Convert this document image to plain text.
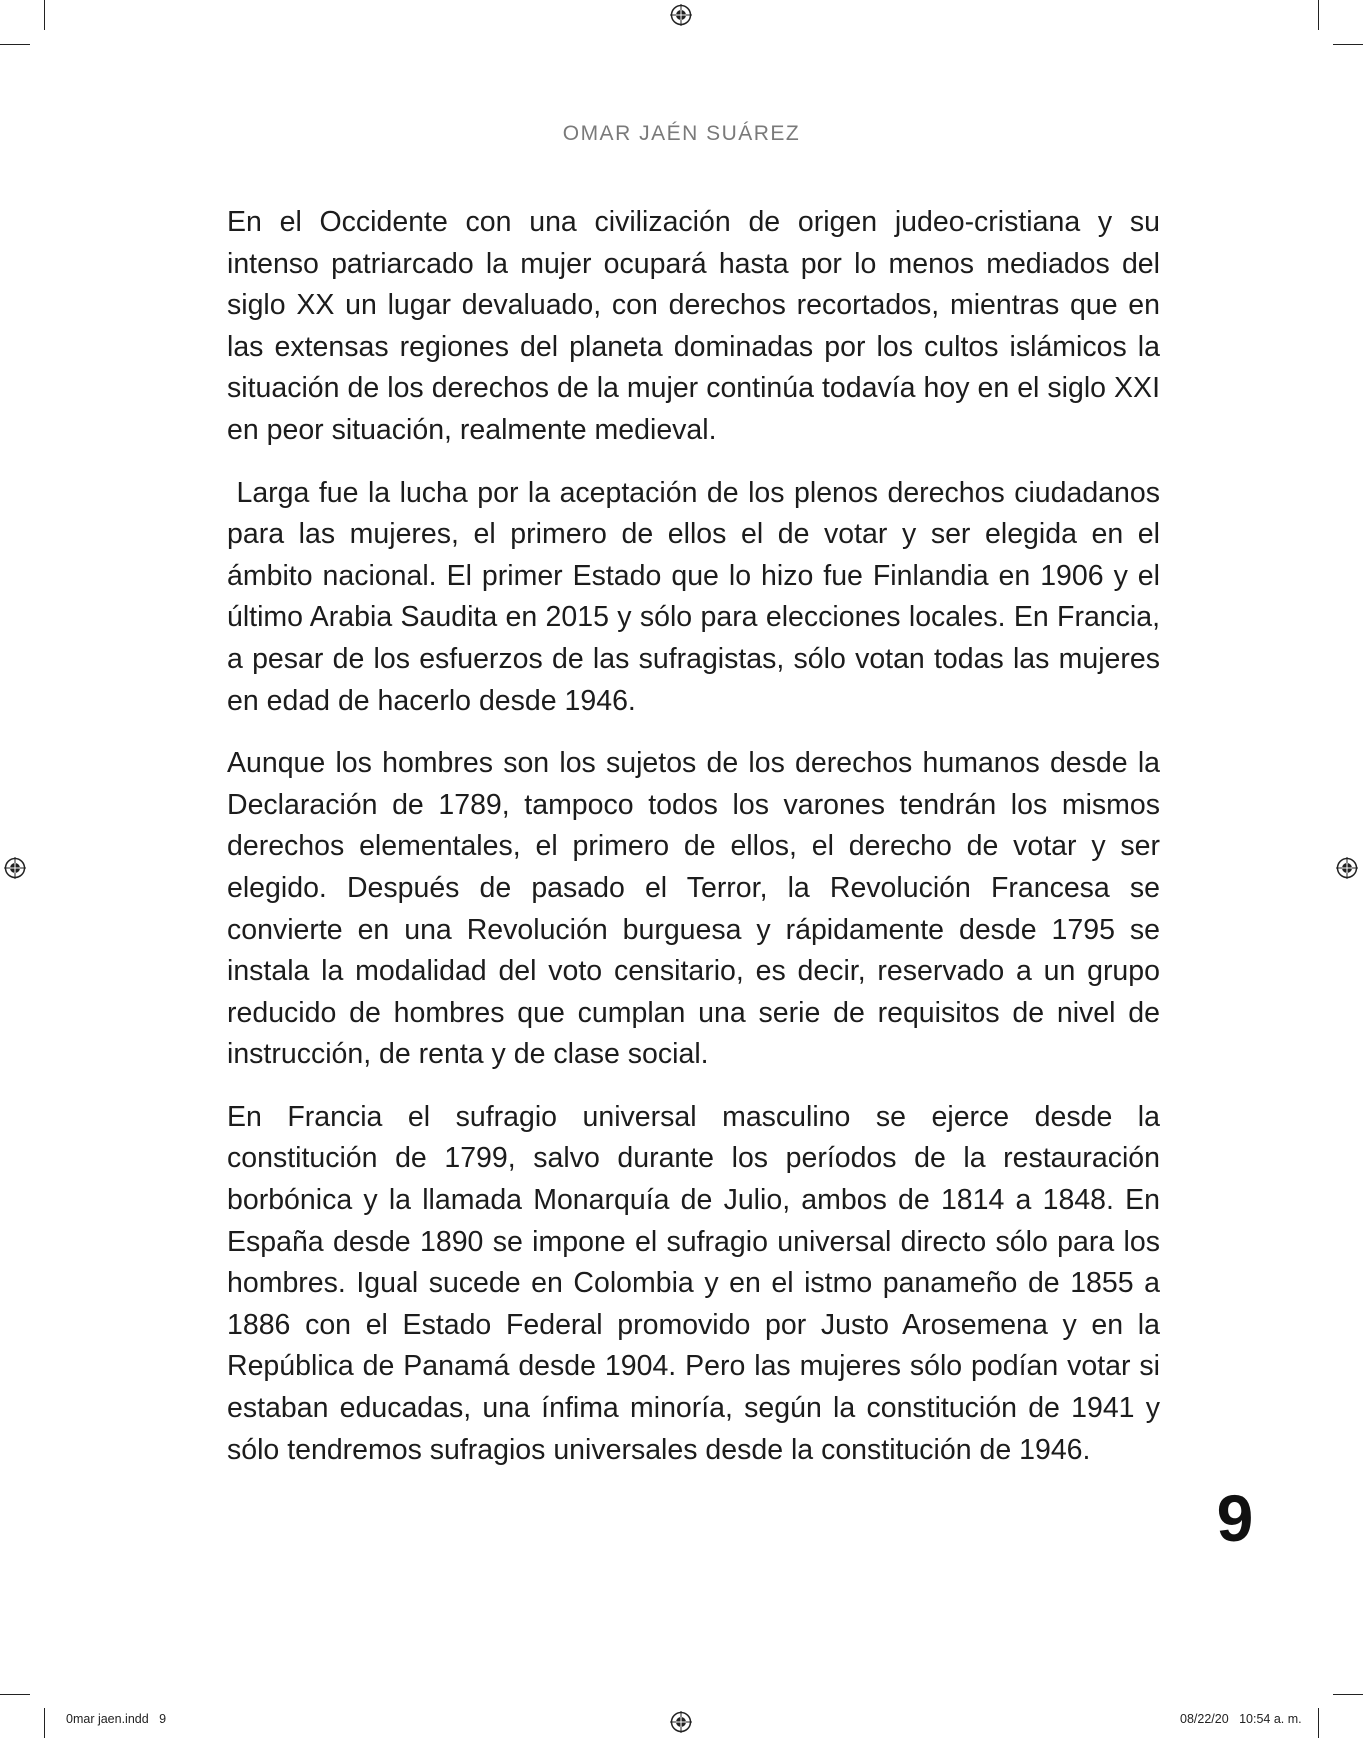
OMAR JAÉN SUÁREZ

En el Occidente con una civilización de origen judeo-cristiana y su intenso patriarcado la mujer ocupará hasta por lo menos mediados del siglo XX un lugar devaluado, con derechos recortados, mientras que en las extensas regiones del planeta dominadas por los cultos islámicos la situación de los derechos de la mujer continúa todavía hoy en el siglo XXI en peor situación, realmente medieval.

Larga fue la lucha por la aceptación de los plenos derechos ciudadanos para las mujeres, el primero de ellos el de votar y ser elegida en el ámbito nacional. El primer Estado que lo hizo fue Finlandia en 1906 y el último Arabia Saudita en 2015 y sólo para elecciones locales. En Francia, a pesar de los esfuerzos de las sufragistas, sólo votan todas las mujeres en edad de hacerlo desde 1946.

Aunque los hombres son los sujetos de los derechos humanos desde la Declaración de 1789, tampoco todos los varones tendrán los mismos derechos elementales, el primero de ellos, el derecho de votar y ser elegido. Después de pasado el Terror, la Revolución Francesa se convierte en una Revolución burguesa y rápidamente desde 1795 se instala la modalidad del voto censitario, es decir, reservado a un grupo reducido de hombres que cumplan una serie de requisitos de nivel de instrucción, de renta y de clase social.

En Francia el sufragio universal masculino se ejerce desde la constitución de 1799, salvo durante los períodos de la restauración borbónica y la llamada Monarquía de Julio, ambos de 1814 a 1848. En España desde 1890 se impone el sufragio universal directo sólo para los hombres. Igual sucede en Colombia y en el istmo panameño de 1855 a 1886 con el Estado Federal promovido por Justo Arosemena y en la República de Panamá desde 1904. Pero las mujeres sólo podían votar si estaban educadas, una ínfima minoría, según la constitución de 1941 y sólo tendremos sufragios universales desde la constitución de 1946.

9
0mar jaen.indd   9	08/22/20   10:54 a. m.
